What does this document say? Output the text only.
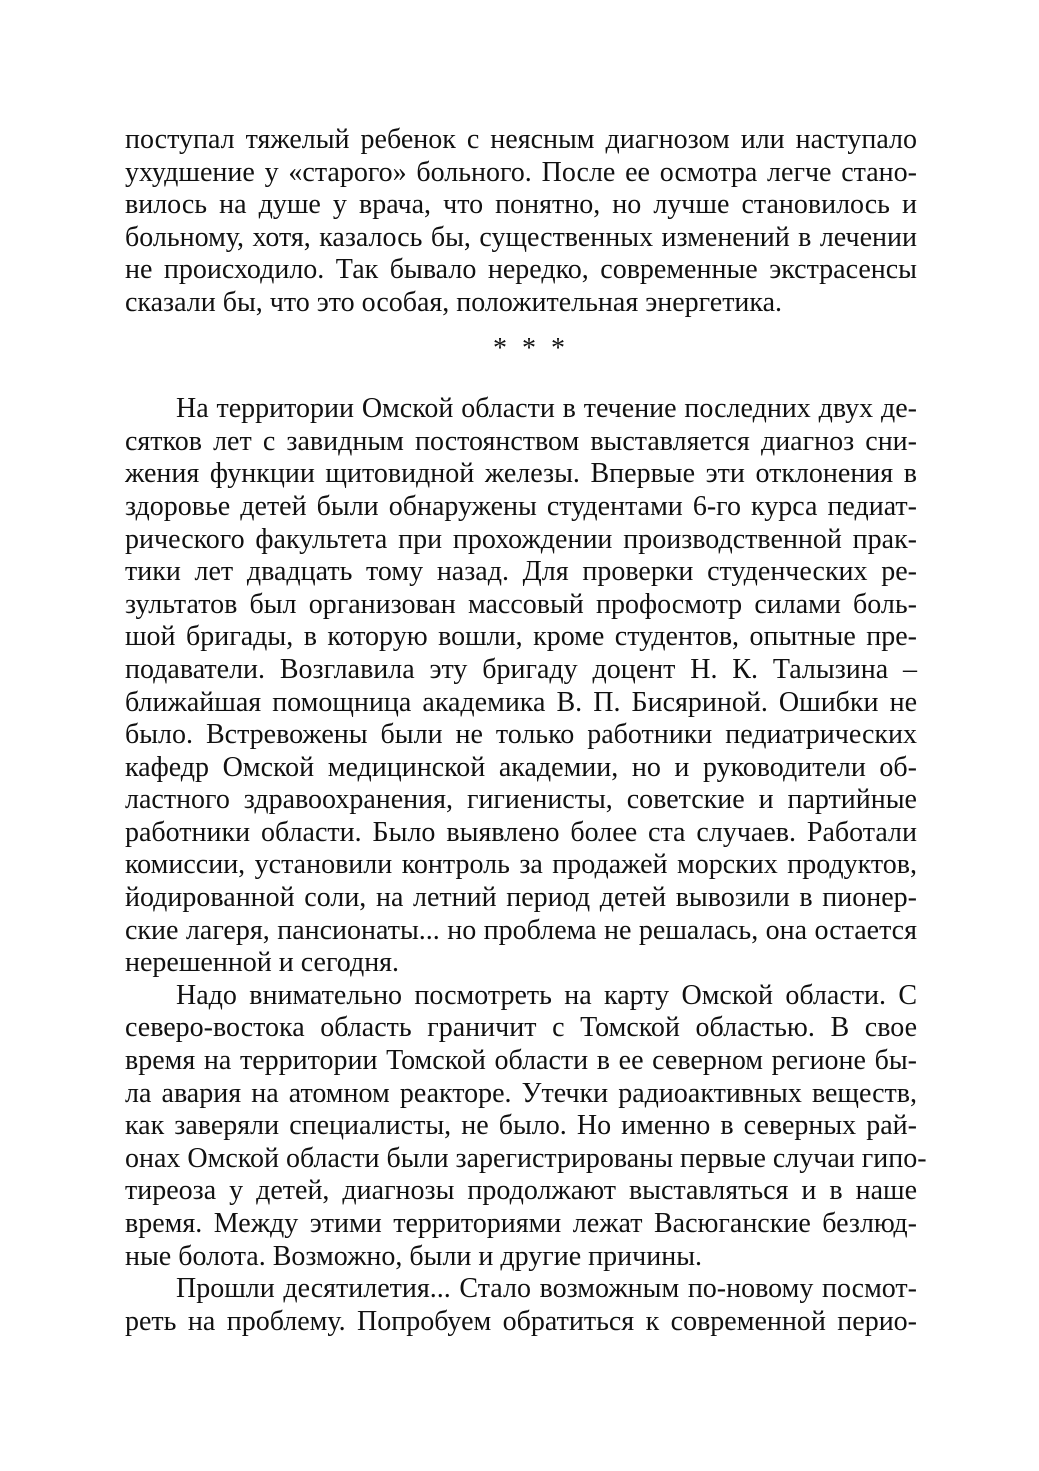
поступал тяжелый ребенок с неясным диагнозом или наступало
ухудшение у «старого» больного. После ее осмотра легче стано-
вилось на душе у врача, что понятно, но лучше становилось и
больному, хотя, казалось бы, существенных изменений в лечении
не происходило. Так бывало нередко, современные экстрасенсы
сказали бы, что это особая, положительная энергетика.
* * *
На территории Омской области в течение последних двух де-
сятков лет с завидным постоянством выставляется диагноз сни-
жения функции щитовидной железы. Впервые эти отклонения в
здоровье детей были обнаружены студентами 6-го курса педиат-
рического факультета при прохождении производственной прак-
тики лет двадцать тому назад. Для проверки студенческих ре-
зультатов был организован массовый профосмотр силами боль-
шой бригады, в которую вошли, кроме студентов, опытные пре-
подаватели. Возглавила эту бригаду доцент Н. К. Талызина –
ближайшая помощница академика В. П. Бисяриной. Ошибки не
было. Встревожены были не только работники педиатрических
кафедр Омской медицинской академии, но и руководители об-
ластного здравоохранения, гигиенисты, советские и партийные
работники области. Было выявлено более ста случаев. Работали
комиссии, установили контроль за продажей морских продуктов,
йодированной соли, на летний период детей вывозили в пионер-
ские лагеря, пансионаты... но проблема не решалась, она остается
нерешенной и сегодня.
Надо внимательно посмотреть на карту Омской области. С
северо-востока область граничит с Томской областью. В свое
время на территории Томской области в ее северном регионе бы-
ла авария на атомном реакторе. Утечки радиоактивных веществ,
как заверяли специалисты, не было. Но именно в северных рай-
онах Омской области были зарегистрированы первые случаи гипо-
тиреоза у детей, диагнозы продолжают выставляться и в наше
время. Между этими территориями лежат Васюганские безлюд-
ные болота. Возможно, были и другие причины.
Прошли десятилетия... Стало возможным по-новому посмот-
реть на проблему. Попробуем обратиться к современной перио-
